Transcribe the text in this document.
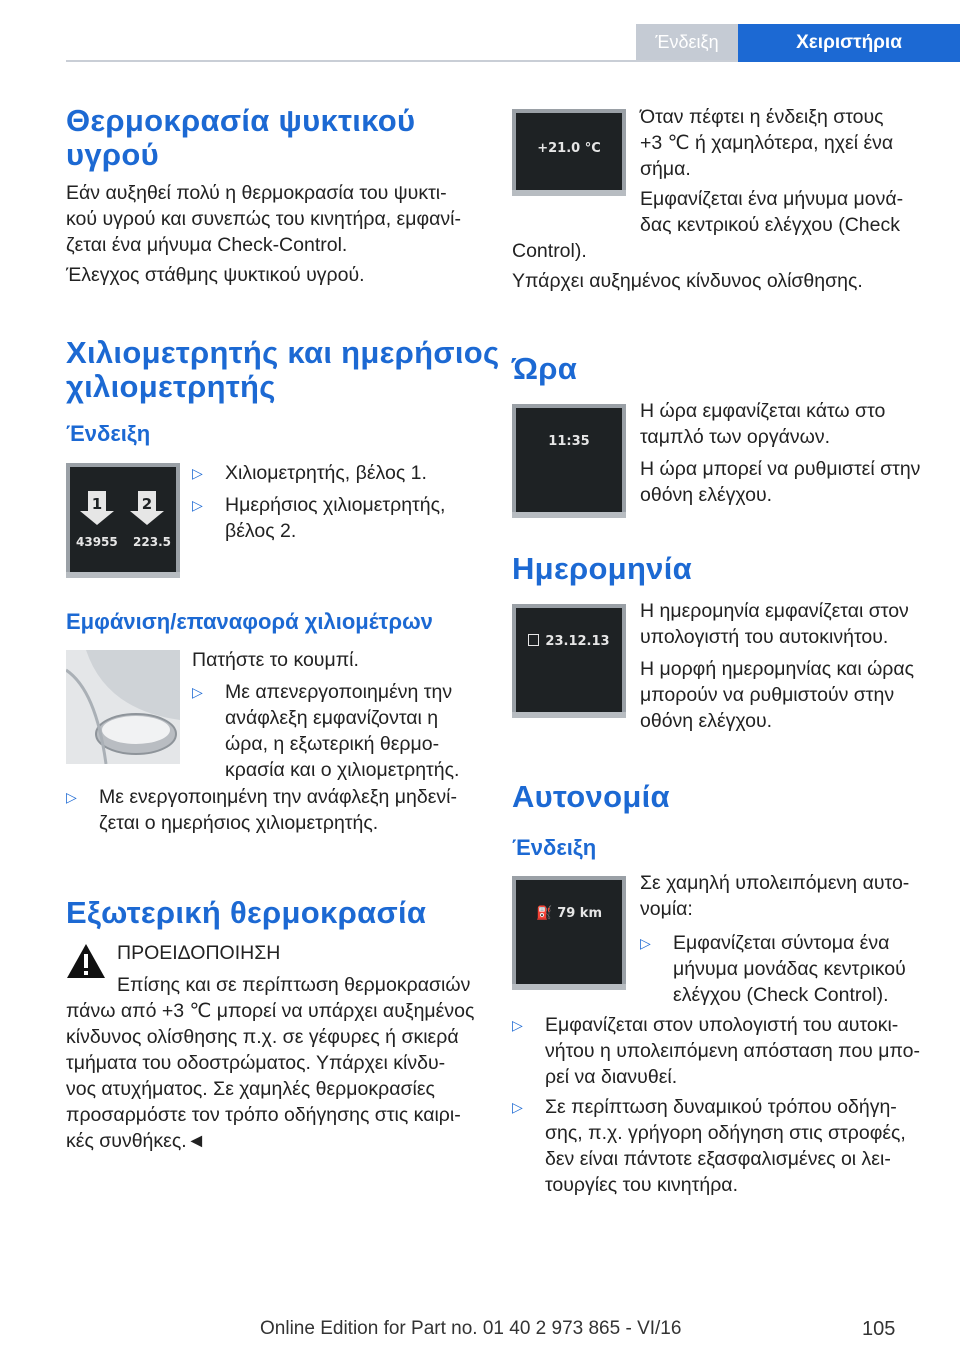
Ένδειξη	Χειριστήρια
Θερμοκρασία ψυκτικού
υγρού
Εάν αυξηθεί πολύ η θερμοκρασία του ψυκτι-
κού υγρού και συνεπώς του κινητήρα, εμφανί-
ζεται ένα μήνυμα Check-Control.
Έλεγχος στάθμης ψυκτικού υγρού.
Χιλιομετρητής και ημερήσιος
χιλιομετρητής
Ένδειξη
1	2
43955 223.5
▷ Χιλιομετρητής, βέλος 1.
▷ Ημερήσιος χιλιομετρητής,
βέλος 2.
Εμφάνιση/επαναφορά χιλιομέτρων
Πατήστε το κουμπί.
▷ Με απενεργοποιημένη την
ανάφλεξη εμφανίζονται η
ώρα, η εξωτερική θερμο-
κρασία και ο χιλιομετρητής.
▷ Με ενεργοποιημένη την ανάφλεξη μηδενί-
ζεται ο ημερήσιος χιλιομετρητής.
Εξωτερική θερμοκρασία
ΠΡΟΕΙΔΟΠΟΙΗΣΗ
Επίσης και σε περίπτωση θερμοκρασιών
πάνω από +3 ℃ μπορεί να υπάρχει αυξημένος
κίνδυνος ολίσθησης π.χ. σε γέφυρες ή σκιερά
τμήματα του οδοστρώματος. Υπάρχει κίνδυ-
νος ατυχήματος. Σε χαμηλές θερμοκρασίες
προσαρμόστε τον τρόπο οδήγησης στις καιρι-
κές συνθήκες.◄
+21.0 °C
Όταν πέφτει η ένδειξη στους
+3 ℃ ή χαμηλότερα, ηχεί ένα
σήμα.
Εμφανίζεται ένα μήνυμα μονά-
δας κεντρικού ελέγχου (Check
Control).
Υπάρχει αυξημένος κίνδυνος ολίσθησης.
Ώρα
11:35
Η ώρα εμφανίζεται κάτω στο
ταμπλό των οργάνων.
Η ώρα μπορεί να ρυθμιστεί στην
οθόνη ελέγχου.
Ημερομηνία
23.12.13
Η ημερομηνία εμφανίζεται στον
υπολογιστή του αυτοκινήτου.
Η μορφή ημερομηνίας και ώρας
μπορούν να ρυθμιστούν στην
οθόνη ελέγχου.
Αυτονομία
Ένδειξη
⛽ 79 km
Σε χαμηλή υπολειπόμενη αυτο-
νομία:
▷ Εμφανίζεται σύντομα ένα
μήνυμα μονάδας κεντρικού
ελέγχου (Check Control).
▷ Εμφανίζεται στον υπολογιστή του αυτοκι-
νήτου η υπολειπόμενη απόσταση που μπο-
ρεί να διανυθεί.
▷ Σε περίπτωση δυναμικού τρόπου οδήγη-
σης, π.χ. γρήγορη οδήγηση στις στροφές,
δεν είναι πάντοτε εξασφαλισμένες οι λει-
τουργίες του κινητήρα.
105
Online Edition for Part no. 01 40 2 973 865 - VI/16
